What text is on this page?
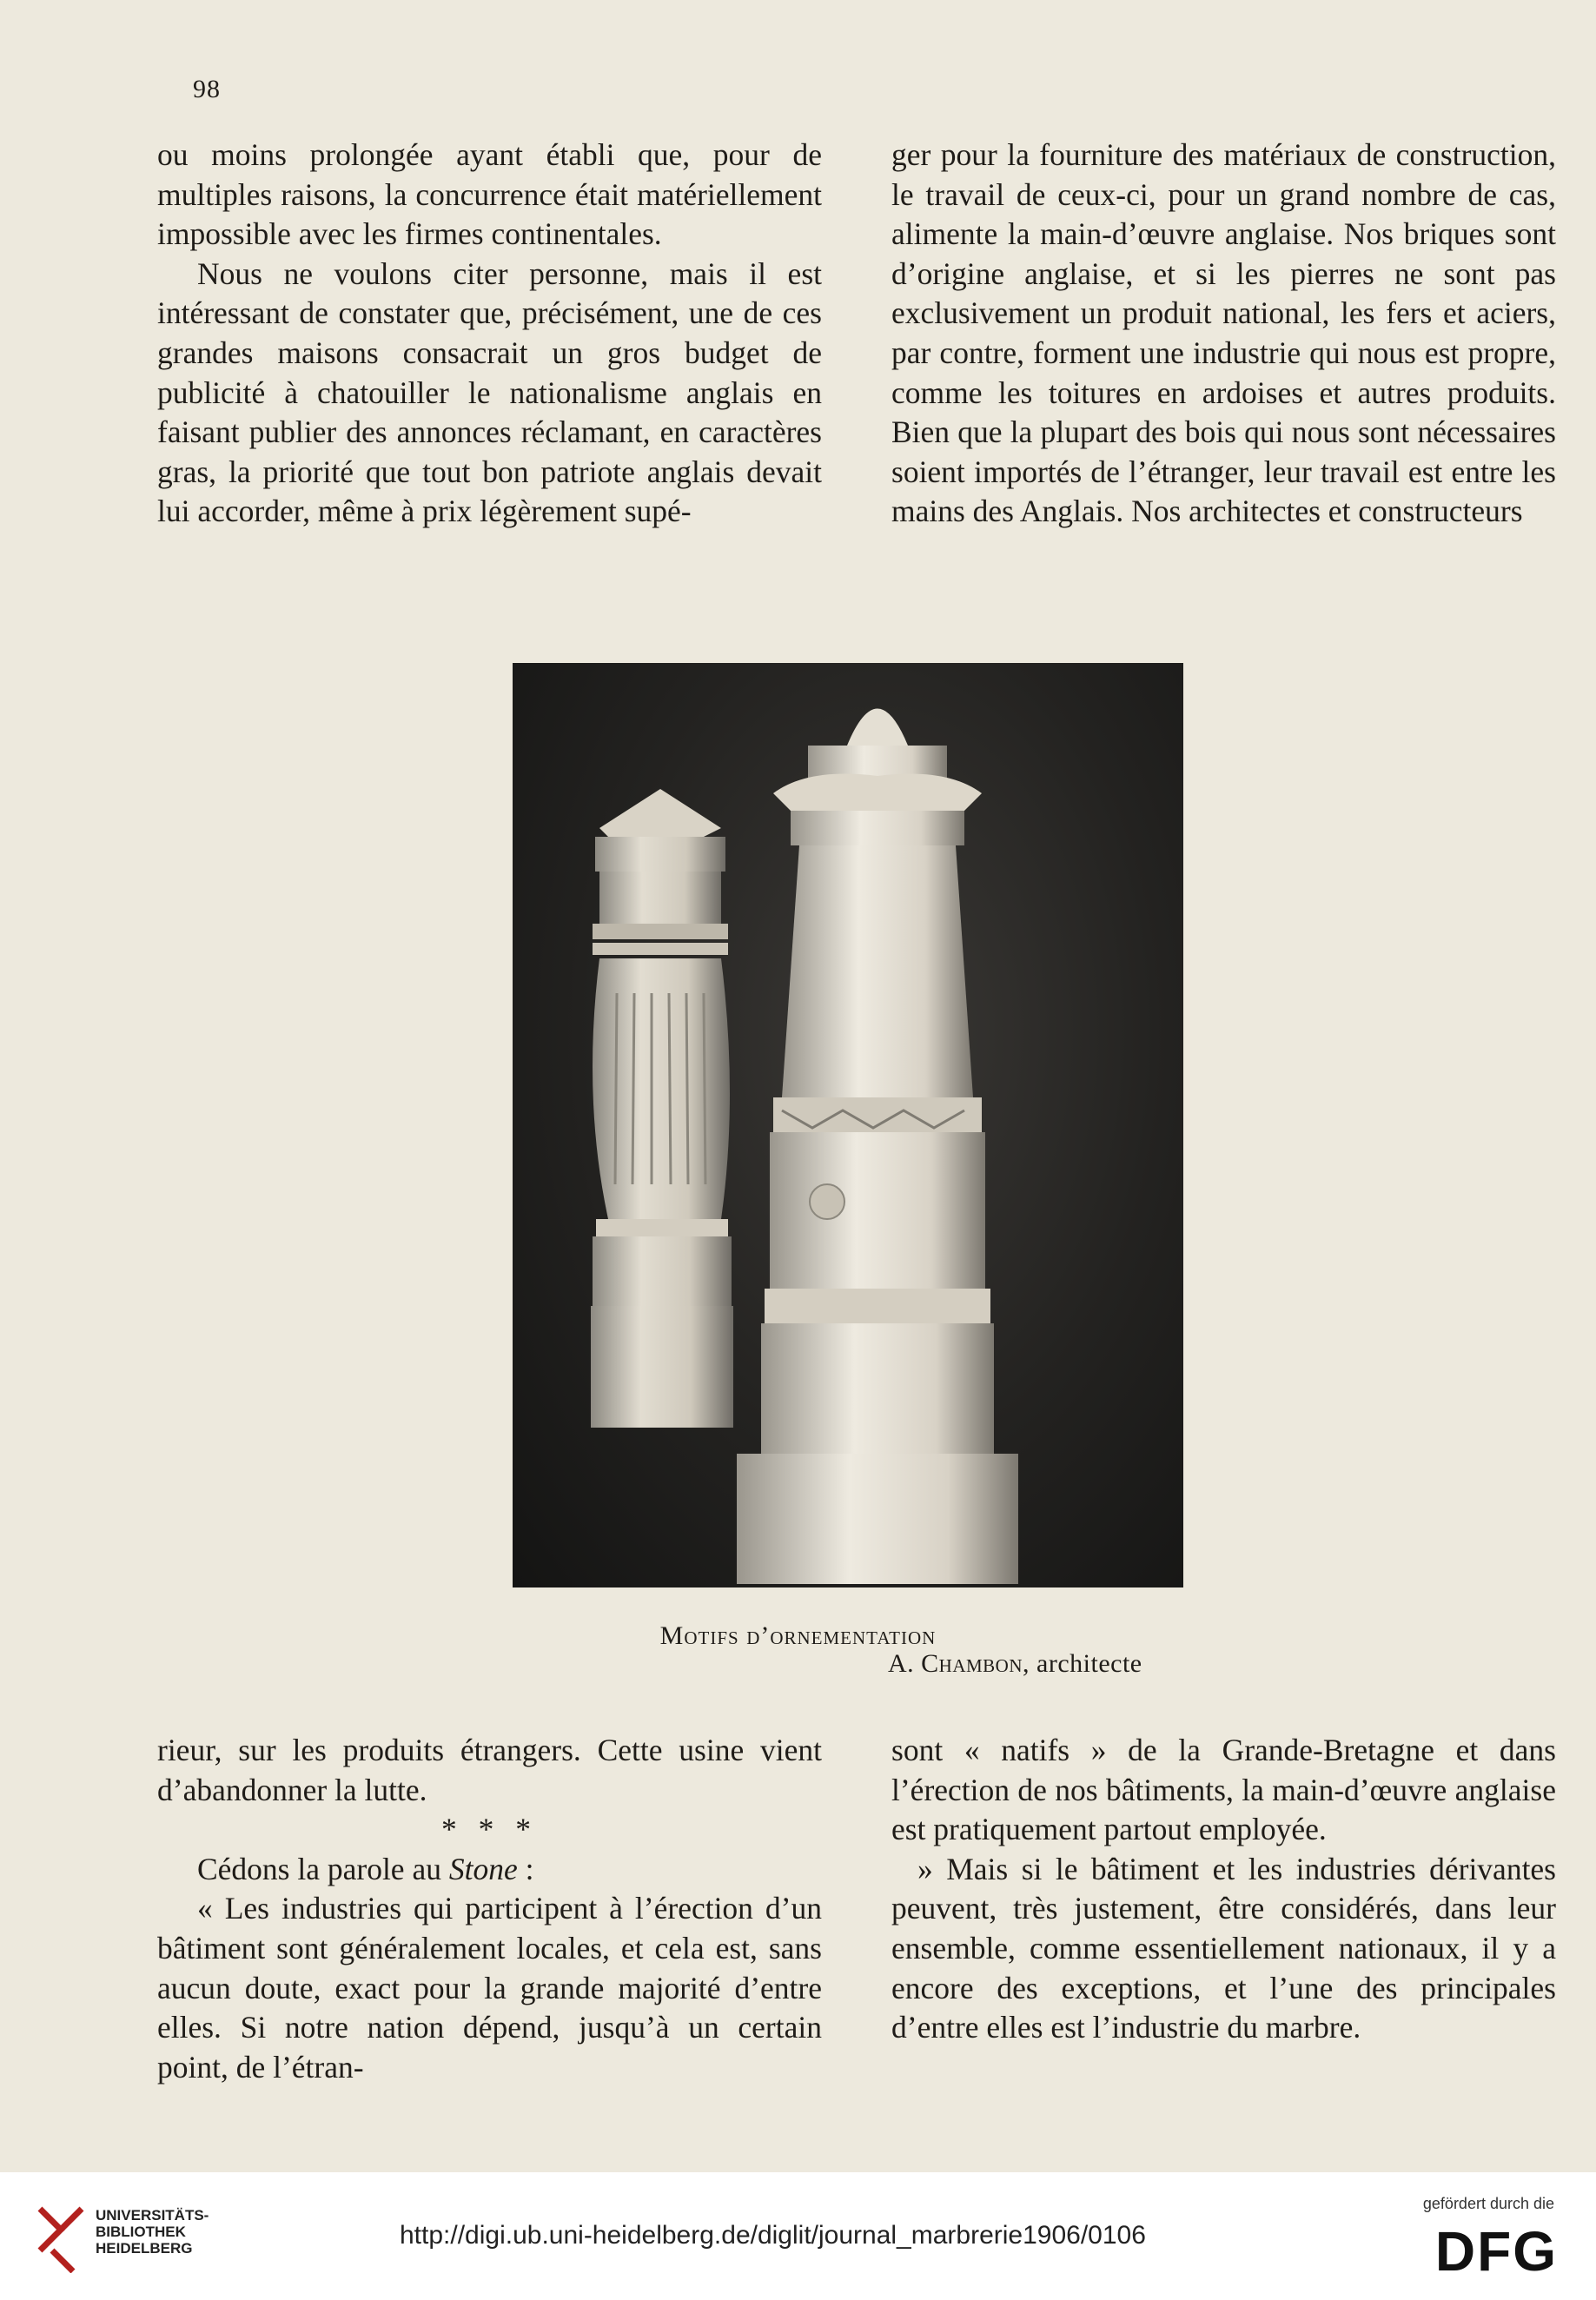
98

ou moins prolongée ayant établi que, pour de multiples raisons, la concurrence était matériellement impossible avec les firmes continentales.

Nous ne voulons citer personne, mais il est intéressant de constater que, précisément, une de ces grandes maisons consacrait un gros budget de publicité à chatouiller le nationalisme anglais en faisant publier des annonces réclamant, en caractères gras, la priorité que tout bon patriote anglais devait lui accorder, même à prix légèrement supé-

ger pour la fourniture des matériaux de construction, le travail de ceux-ci, pour un grand nombre de cas, alimente la main-d’œuvre anglaise. Nos briques sont d’origine anglaise, et si les pierres ne sont pas exclusivement un produit national, les fers et aciers, par contre, forment une industrie qui nous est propre, comme les toitures en ardoises et autres produits. Bien que la plupart des bois qui nous sont nécessaires soient importés de l’étranger, leur travail est entre les mains des Anglais. Nos architectes et constructeurs

Motifs d’ornementation
A. Chambon, architecte

rieur, sur les produits étrangers. Cette usine vient d’abandonner la lutte.

* * *

Cédons la parole au Stone :

« Les industries qui participent à l’érection d’un bâtiment sont généralement locales, et cela est, sans aucun doute, exact pour la grande majorité d’entre elles. Si notre nation dépend, jusqu’à un certain point, de l’étran-

sont « natifs » de la Grande-Bretagne et dans l’érection de nos bâtiments, la main-d’œuvre anglaise est pratiquement partout employée.

» Mais si le bâtiment et les industries dérivantes peuvent, très justement, être considérés, dans leur ensemble, comme essentiellement nationaux, il y a encore des exceptions, et l’une des principales d’entre elles est l’industrie du marbre.

UNIVERSITÄTS-
BIBLIOTHEK
HEIDELBERG	http://digi.ub.uni-heidelberg.de/diglit/journal_marbrerie1906/0106
gefördert durch die
DFG
